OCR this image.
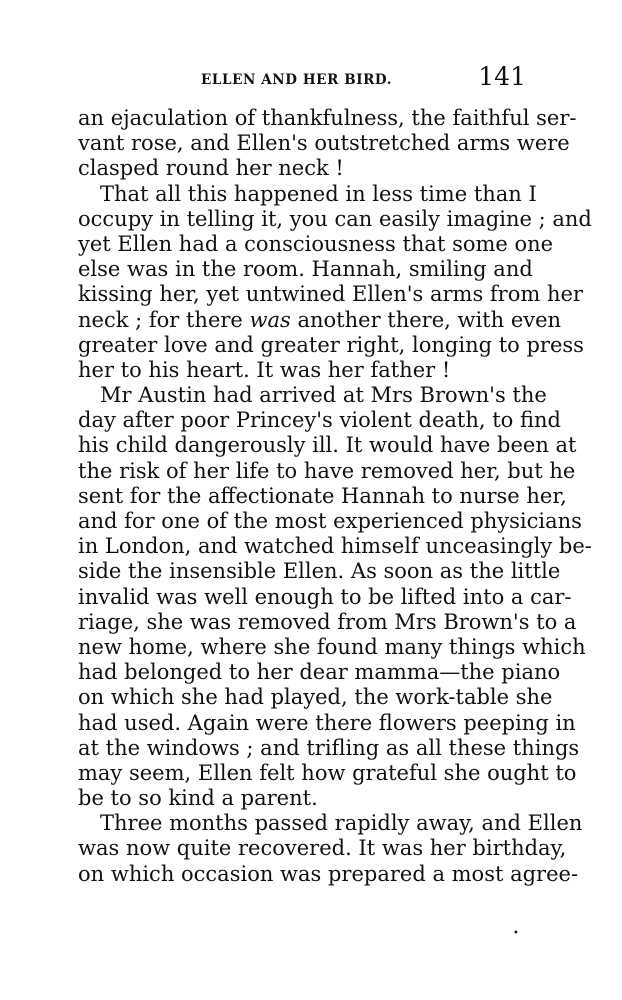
ELLEN AND HER BIRD.	141
an ejaculation of thankfulness, the faithful ser-
vant rose, and Ellen's outstretched arms were
clasped round her neck !
That all this happened in less time than I
occupy in telling it, you can easily imagine ; and
yet Ellen had a consciousness that some one
else was in the room. Hannah, smiling and
kissing her, yet untwined Ellen's arms from her
neck ; for there was another there, with even
greater love and greater right, longing to press
her to his heart. It was her father !
Mr Austin had arrived at Mrs Brown's the
day after poor Princey's violent death, to find
his child dangerously ill. It would have been at
the risk of her life to have removed her, but he
sent for the affectionate Hannah to nurse her,
and for one of the most experienced physicians
in London, and watched himself unceasingly be-
side the insensible Ellen. As soon as the little
invalid was well enough to be lifted into a car-
riage, she was removed from Mrs Brown's to a
new home, where she found many things which
had belonged to her dear mamma—the piano
on which she had played, the work-table she
had used. Again were there flowers peeping in
at the windows ; and trifling as all these things
may seem, Ellen felt how grateful she ought to
be to so kind a parent.
Three months passed rapidly away, and Ellen
was now quite recovered. It was her birthday,
on which occasion was prepared a most agree-
•
